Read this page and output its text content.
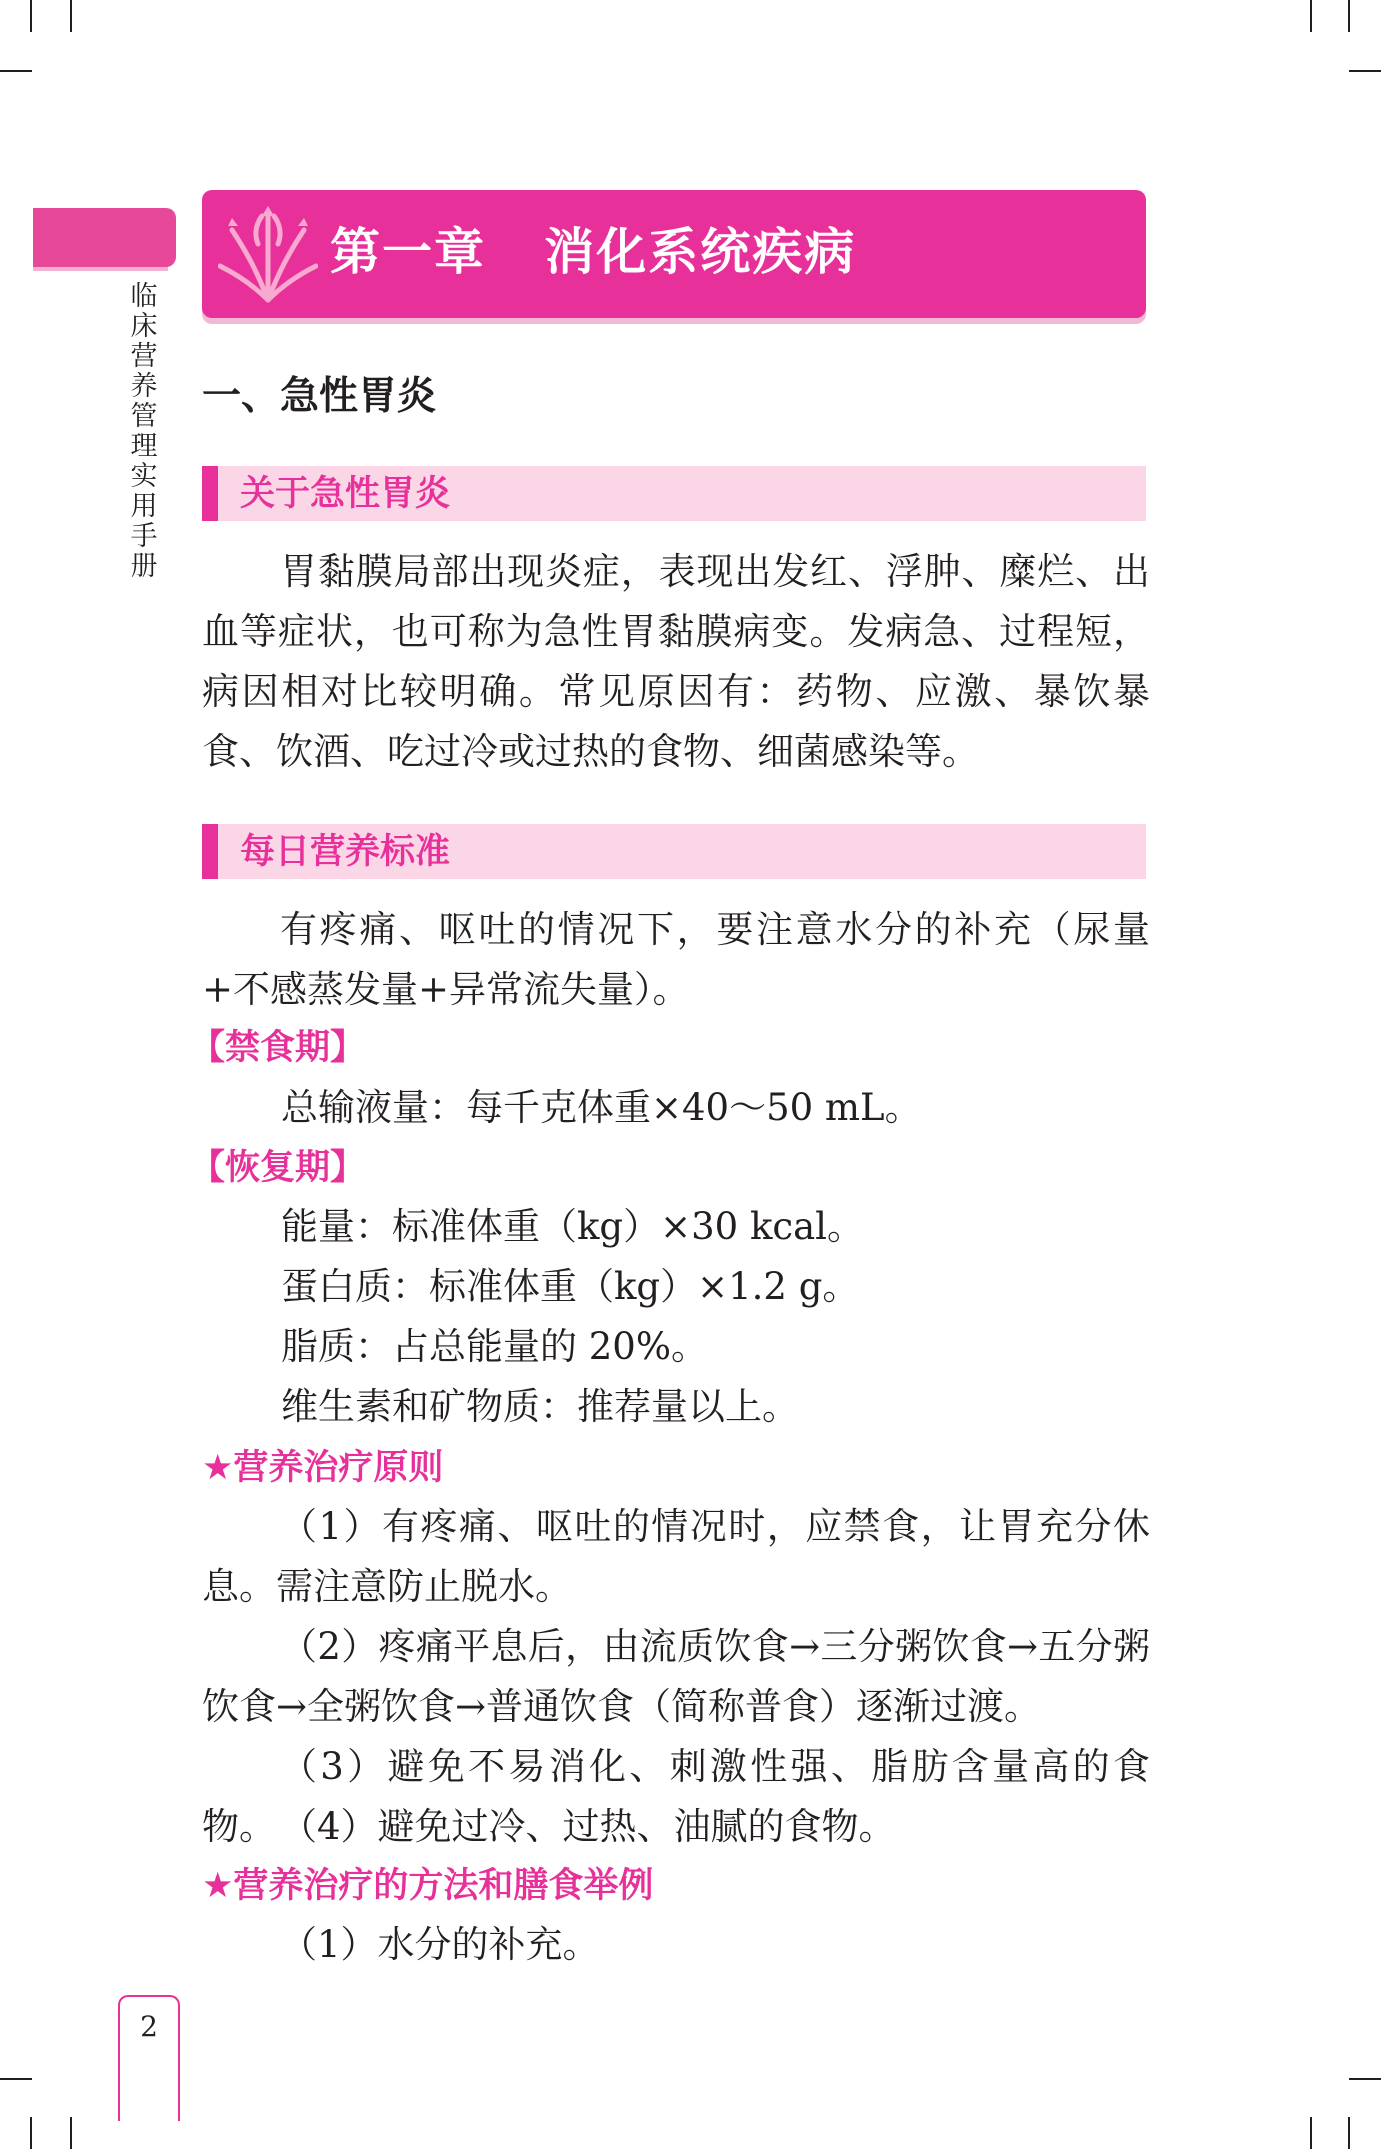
临床营养管理实用手册
第一章 消化系统疾病
一、急性胃炎
关于急性胃炎

胃黏膜局部出现炎症，表现出发红、浮肿、糜烂、出血等症状，也可称为急性胃黏膜病变。发病急、过程短，病因相对比较明确。常见原因有：药物、应激、暴饮暴食、饮酒、吃过冷或过热的食物、细菌感染等。

每日营养标准

有疼痛、呕吐的情况下，要注意水分的补充（尿量+不感蒸发量+异常流失量）。

【禁食期】
总输液量：每千克体重×40～50 mL。
【恢复期】
能量：标准体重（kg）×30 kcal。
蛋白质：标准体重（kg）×1.2 g。
脂质：占总能量的 20%。
维生素和矿物质：推荐量以上。
★营养治疗原则

（1）有疼痛、呕吐的情况时，应禁食，让胃充分休息。需注意防止脱水。

（2）疼痛平息后，由流质饮食→三分粥饮食→五分粥饮食→全粥饮食→普通饮食（简称普食）逐渐过渡。

（3）避免不易消化、刺激性强、脂肪含量高的食物。 （4）避免过冷、过热、油腻的食物。

★营养治疗的方法和膳食举例

（1）水分的补充。

2
